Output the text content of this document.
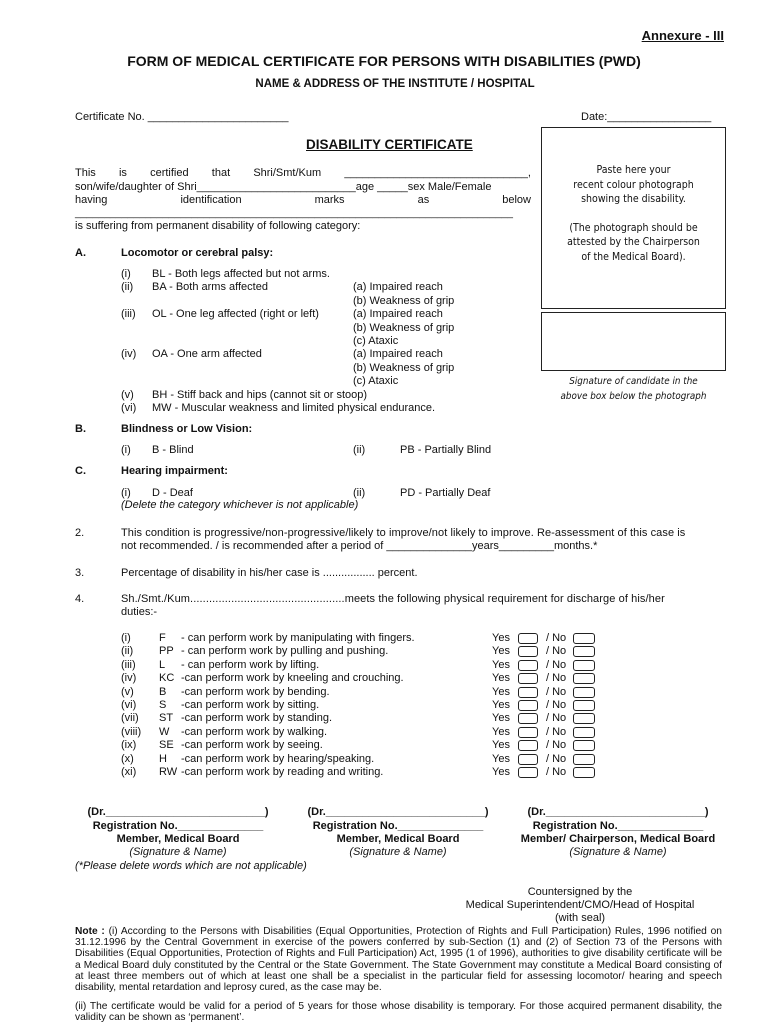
Annexure - III
FORM OF MEDICAL CERTIFICATE FOR PERSONS WITH DISABILITIES (PWD)
NAME & ADDRESS OF THE INSTITUTE / HOSPITAL
Certificate No. _______________________	Date:_________________
DISABILITY CERTIFICATE
This is certified that Shri/Smt/Kum ______________________________,
son/wife/daughter of Shri__________________________age _____sex Male/Female
having	identification	marks	as	below
___________________________________________________________________________
is suffering from permanent disability of following category:
Paste here your
recent colour photograph
showing the disability.
(The photograph should be
attested by the Chairperson
of the Medical Board).
Signature of candidate in the
above box below the photograph
A.	Locomotor or cerebral palsy:
(i) BL - Both legs affected but not arms.
(ii) BA - Both arms affected	(a) Impaired reach
(b) Weakness of grip
(iii) OL - One leg affected (right or left)	(a) Impaired reach
(b) Weakness of grip
(c) Ataxic
(iv) OA - One arm affected	(a) Impaired reach
(b) Weakness of grip
(c) Ataxic
(v) BH - Stiff back and hips (cannot sit or stoop)
(vi) MW - Muscular weakness and limited physical endurance.
B.	Blindness or Low Vision:
(i) B - Blind	(ii)	PB - Partially Blind
C.	Hearing impairment:
(i) D - Deaf	(ii)	PD - Partially Deaf
(Delete the category whichever is not applicable)
2.	This condition is progressive/non-progressive/likely to improve/not likely to improve. Re-assessment of this case is
not recommended. / is recommended after a period of ______________years_________months.*
3.	Percentage of disability in his/her case is ................. percent.
4.	Sh./Smt./Kum.................................................meets the following physical requirement for discharge of his/her
duties:-
(i)	F - can perform work by manipulating with fingers.	Yes	/ No
(ii) PP - can perform work by pulling and pushing.	Yes	/ No
(iii) L - can perform work by lifting.	Yes	/ No
(iv) KC -can perform work by kneeling and crouching.	Yes	/ No
(v) B -can perform work by bending.	Yes	/ No
(vi) S -can perform work by sitting.	Yes	/ No
(vii) ST -can perform work by standing.	Yes	/ No
(viii) W -can perform work by walking.	Yes	/ No
(ix) SE -can perform work by seeing.	Yes	/ No
(x) H -can perform work by hearing/speaking.	Yes	/ No
(xi) RW -can perform work by reading and writing.	Yes	/ No
(Dr.__________________________)
Registration No.______________
Member, Medical Board
(Signature & Name)
(Dr.__________________________)
Registration No.______________
Member, Medical Board
(Signature & Name)
(Dr.__________________________)
Registration No.______________
Member/ Chairperson, Medical Board
(Signature & Name)
(*Please delete words which are not applicable)
Countersigned by the
Medical Superintendent/CMO/Head of Hospital
(with seal)
Note : (i) According to the Persons with Disabilities (Equal Opportunities, Protection of Rights and Full Participation) Rules, 1996 notified on 31.12.1996 by the Central Government in exercise of the powers conferred by sub-Section (1) and (2) of Section 73 of the Persons with Disabilities (Equal Opportunities, Protection of Rights and Full Participation) Act, 1995 (1 of 1996), authorities to give disability certificate will be a Medical Board duly constituted by the Central or the State Government. The State Government may constitute a Medical Board consisting of at least three members out of which at least one shall be a specialist in the particular field for assessing locomotor/ hearing and speech disability, mental retardation and leprosy cured, as the case may be.
(ii) The certificate would be valid for a period of 5 years for those whose disability is temporary. For those acquired permanent disability, the validity can be shown as ‘permanent’.
